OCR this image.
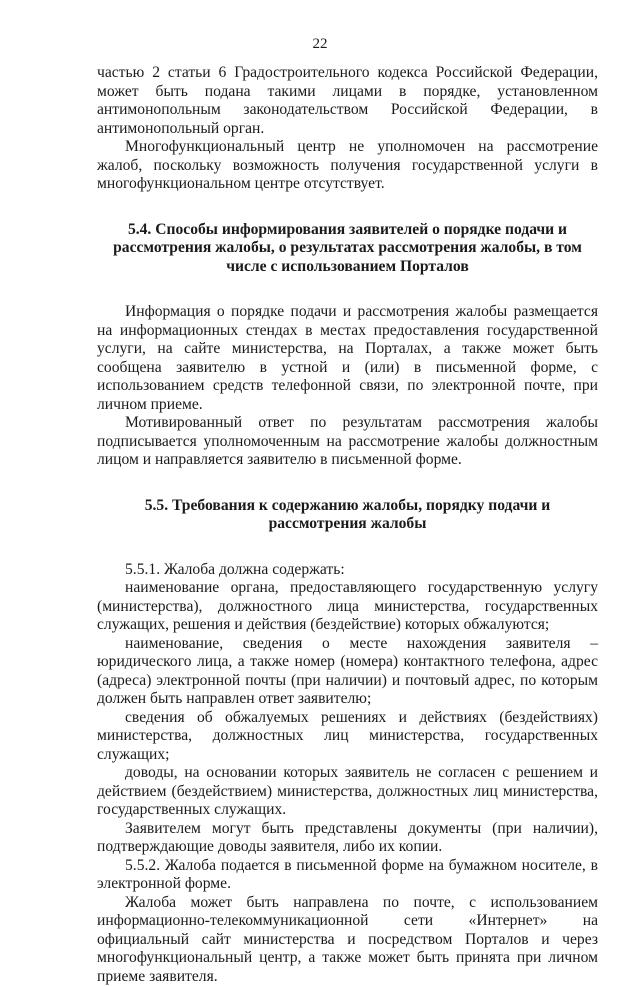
22

частью 2 статьи 6 Градостроительного кодекса Российской Федерации, может быть подана такими лицами в порядке, установленном антимонопольным законодательством Российской Федерации, в антимонопольный орган.

Многофункциональный центр не уполномочен на рассмотрение жалоб, поскольку возможность получения государственной услуги в многофункциональном центре отсутствует.

5.4. Способы информирования заявителей о порядке подачи и рассмотрения жалобы, о результатах рассмотрения жалобы, в том числе с использованием Порталов

Информация о порядке подачи и рассмотрения жалобы размещается на информационных стендах в местах предоставления государственной услуги, на сайте министерства, на Порталах, а также может быть сообщена заявителю в устной и (или) в письменной форме, с использованием средств телефонной связи, по электронной почте, при личном приеме.

Мотивированный ответ по результатам рассмотрения жалобы подписывается уполномоченным на рассмотрение жалобы должностным лицом и направляется заявителю в письменной форме.

5.5. Требования к содержанию жалобы, порядку подачи и рассмотрения жалобы

5.5.1. Жалоба должна содержать:

наименование органа, предоставляющего государственную услугу (министерства), должностного лица министерства, государственных служащих, решения и действия (бездействие) которых обжалуются;

наименование, сведения о месте нахождения заявителя – юридического лица, а также номер (номера) контактного телефона, адрес (адреса) электронной почты (при наличии) и почтовый адрес, по которым должен быть направлен ответ заявителю;

сведения об обжалуемых решениях и действиях (бездействиях) министерства, должностных лиц министерства, государственных служащих;

доводы, на основании которых заявитель не согласен с решением и действием (бездействием) министерства, должностных лиц министерства, государственных служащих.

Заявителем могут быть представлены документы (при наличии), подтверждающие доводы заявителя, либо их копии.

5.5.2. Жалоба подается в письменной форме на бумажном носителе, в электронной форме.

Жалоба может быть направлена по почте, с использованием информационно-телекоммуникационной сети «Интернет» на официальный сайт министерства и посредством Порталов и через многофункциональный центр, а также может быть принята при личном приеме заявителя.
